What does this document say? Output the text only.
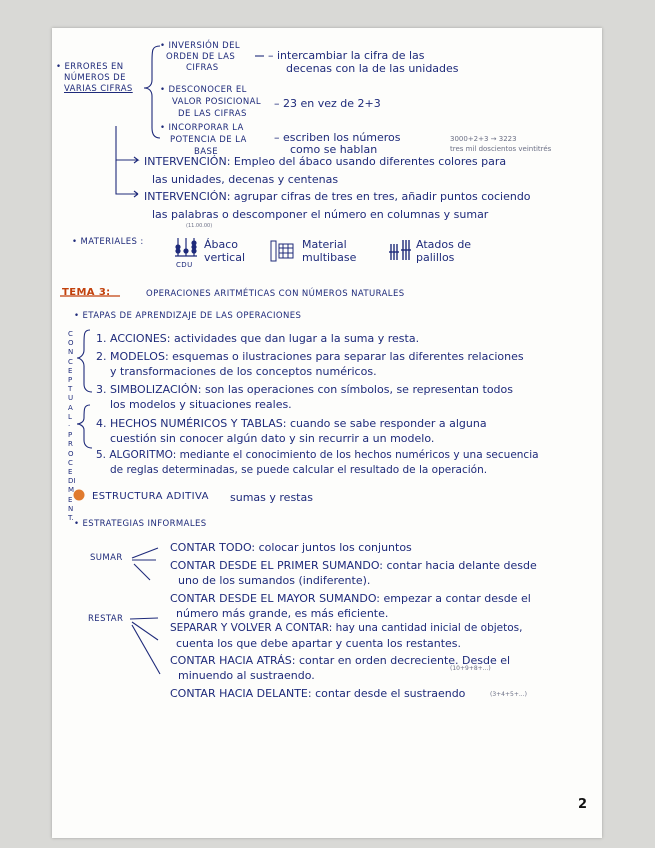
• ERRORES EN
NÚMEROS DE
VARIAS CIFRAS
• INVERSIÓN DEL
ORDEN DE LAS
CIFRAS
– intercambiar la cifra de las
decenas con la de las unidades
• DESCONOCER EL
VALOR POSICIONAL
DE LAS CIFRAS
– 23 en vez de 2+3
• INCORPORAR LA
POTENCIA DE LA
BASE
– escriben los números
como se hablan
3000+2+3 → 3223
tres mil doscientos veintitrés
INTERVENCIÓN: Empleo del ábaco usando diferentes colores para
las unidades, decenas y centenas
INTERVENCIÓN: agrupar cifras de tres en tres, añadir puntos cociendo
las palabras o descomponer el número en columnas y sumar
(11.00.00)
• MATERIALES :
CDU
Ábaco
vertical
Material
multibase
Atados de
palillos
TEMA 3:	OPERACIONES ARITMÉTICAS CON NÚMEROS NATURALES
• ETAPAS DE APRENDIZAJE DE LAS OPERACIONES
CONCEPTUAL · PROCEDIMENT.
1. ACCIONES: actividades que dan lugar a la suma y resta.
2. MODELOS: esquemas o ilustraciones para separar las diferentes relaciones
y transformaciones de los conceptos numéricos.
3. SIMBOLIZACIÓN: son las operaciones con símbolos, se representan todos
los modelos y situaciones reales.
4. HECHOS NUMÉRICOS Y TABLAS: cuando se sabe responder a alguna
cuestión sin conocer algún dato y sin recurrir a un modelo.
5. ALGORITMO: mediante el conocimiento de los hechos numéricos y una secuencia
de reglas determinadas, se puede calcular el resultado de la operación.
ESTRUCTURA ADITIVA sumas y restas
• ESTRATEGIAS INFORMALES
SUMAR
CONTAR TODO: colocar juntos los conjuntos
CONTAR DESDE EL PRIMER SUMANDO: contar hacia delante desde
uno de los sumandos (indiferente).
CONTAR DESDE EL MAYOR SUMANDO: empezar a contar desde el
número más grande, es más eficiente.
RESTAR
SEPARAR Y VOLVER A CONTAR: hay una cantidad inicial de objetos,
cuenta los que debe apartar y cuenta los restantes.
CONTAR HACIA ATRÁS: contar en orden decreciente. Desde el
(10+9+8+...)
minuendo al sustraendo.
CONTAR HACIA DELANTE: contar desde el sustraendo	(3+4+5+...)
2
